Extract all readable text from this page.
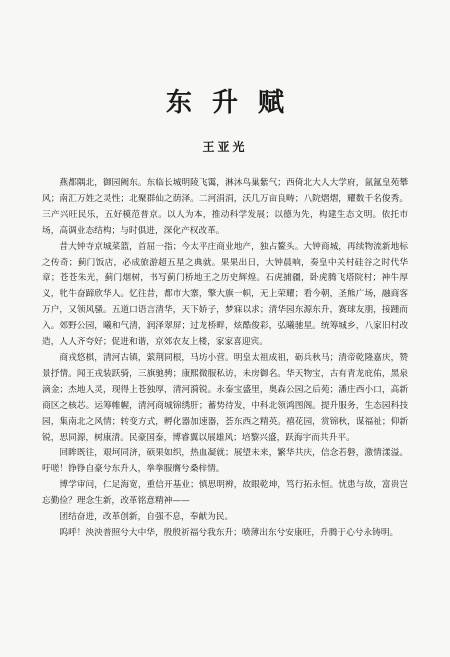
东升赋
王亚光

燕都隅北，御园阙东。东临长城明陵飞霭，淋沐鸟巢紫气；西倚北大人大学府，氤氲皇苑攀风；南汇万姓之灵性；北聚群仙之荫泽。二河涓涓，沃几万亩良畴；八院熠熠，耀数千名俊秀。三产兴旺民乐，五好模范普京。以人为本，推动科学发展；以德为先，构建生态文明。依托市场，高调业态结构；与时俱进，深化产权改革。

昔大钟寺京城菜篮，首屈一指；今太平庄商业地产，独占鳌头。大钟商城，再续物流新地标之传奇；蓟门饭店，必成旅游超五星之典就。果果出日，大钟晨响，奏皇中关村硅谷之时代华章；苍苍朱光，蓟门烟树，书写蓟门桥地王之历史辉煌。石虎捕疆，卧虎腾飞塔院村；神牛厚义，牝牛奋蹄欣华人。忆往昔，都市大寨，擎大旗一帜，无上荣耀；看今朝，圣熊广场，融商客万户，又领风骚。五道口语言清华，天下娇子，梦寐以求；清华园东源东升，赛球友朋，接踵而入。郊野公园，曦和气清，润泽翠屏；过龙桥畔，炫酷俊彩，弘曦驰星。统筹城乡，八家旧村改造，人人齐夸好；促进和谐，京郊农友上楼，家家喜迎宾。

商戎悠棋，清河古镇，萦荆同根，马坊小营。明皇太祖成祖，砺兵秋马；清帝乾隆嘉庆，赞景抒情。闻王戎装跃骑，三旗驰骋；康熙微服私访，未房御名。华天物宝，古有青龙庇佑，黑泉滴金；杰地人灵，现得上苍独厚，清河漪锐。永泰宝盛里，奥森公园之后苑；潘庄西小口，高新商区之核芯。运筹帷幄，清河商城锦绣肝；蓄势待发，中科北领鸿图阁。提升服务，生态园科技园，集南北之风情；转变方式，孵化器加速器，荟东西之精英。禧花园，赏锦秋，谋福祉；仰新锐，思同源，树康清。民豪国泰，博睿翼以展雄风；培黎兴盛，跃海宇而共升平。

回眸既往，艰坷同济，硕果如织，热血凝就；展望未来，繁华共庆，信念若磐，激情漾溢。吁嗟！铮铮自豪兮东升人，拳拳服膺兮桑梓情。

博学审问，仁足海宽，重信开基业；慎思明辨，故眼乾坤，笃行拓永恒。忧患与故，富贵岂忘勤俭？理念生新，改革铭意精神——

团结奋进，改革创新，自强不息，奉献为民。

呜呼！泱泱普照兮大中华，殷殷祈福兮我东升；喷薄出东兮安康旺，升腾于心兮永铸明。
